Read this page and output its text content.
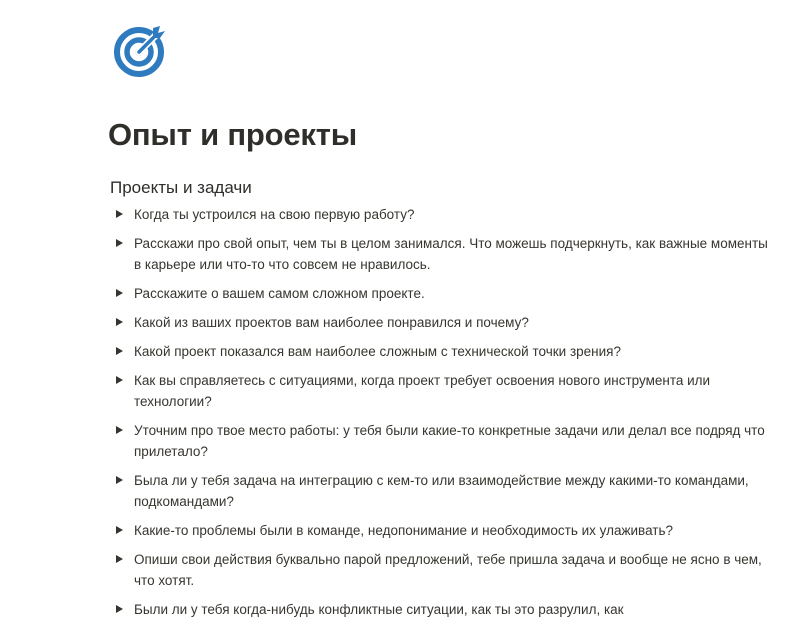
Опыт и проекты
Проекты и задачи
Когда ты устроился на свою первую работу?
Расскажи про свой опыт, чем ты в целом занимался. Что можешь подчеркнуть, как важные моменты в карьере или что-то что совсем не нравилось.
Расскажите о вашем самом сложном проекте.
Какой из ваших проектов вам наиболее понравился и почему?
Какой проект показался вам наиболее сложным с технической точки зрения?
Как вы справляетесь с ситуациями, когда проект требует освоения нового инструмента или технологии?
Уточним про твое место работы: у тебя были какие-то конкретные задачи или делал все подряд что прилетало?
Была ли у тебя задача на интеграцию с кем-то или взаимодействие между какими-то командами, подкомандами?
Какие-то проблемы были в команде, недопонимание и необходимость их улаживать?
Опиши свои действия буквально парой предложений, тебе пришла задача и вообще не ясно в чем, что хотят.
Были ли у тебя когда-нибудь конфликтные ситуации, как ты это разрулил, как
